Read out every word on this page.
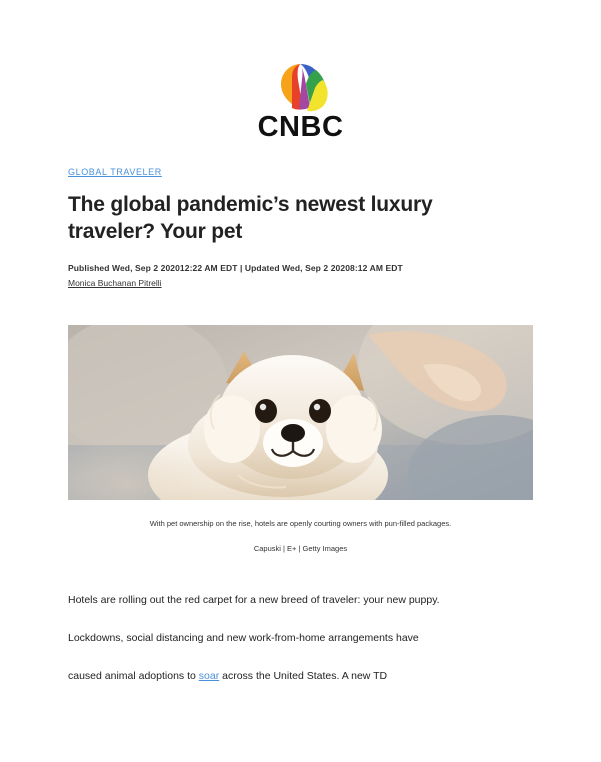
CNBC
GLOBAL TRAVELER
The global pandemic’s newest luxury traveler? Your pet
Published Wed, Sep 2 202012:22 AM EDT | Updated Wed, Sep 2 20208:12 AM EDT
Monica Buchanan Pitrelli
With pet ownership on the rise, hotels are openly courting owners with pun-filled packages.
Capuski | E+ | Getty Images

Hotels are rolling out the red carpet for a new breed of traveler: your new puppy.

Lockdowns, social distancing and new work-from-home arrangements have

caused animal adoptions to soar across the United States. A new TD
